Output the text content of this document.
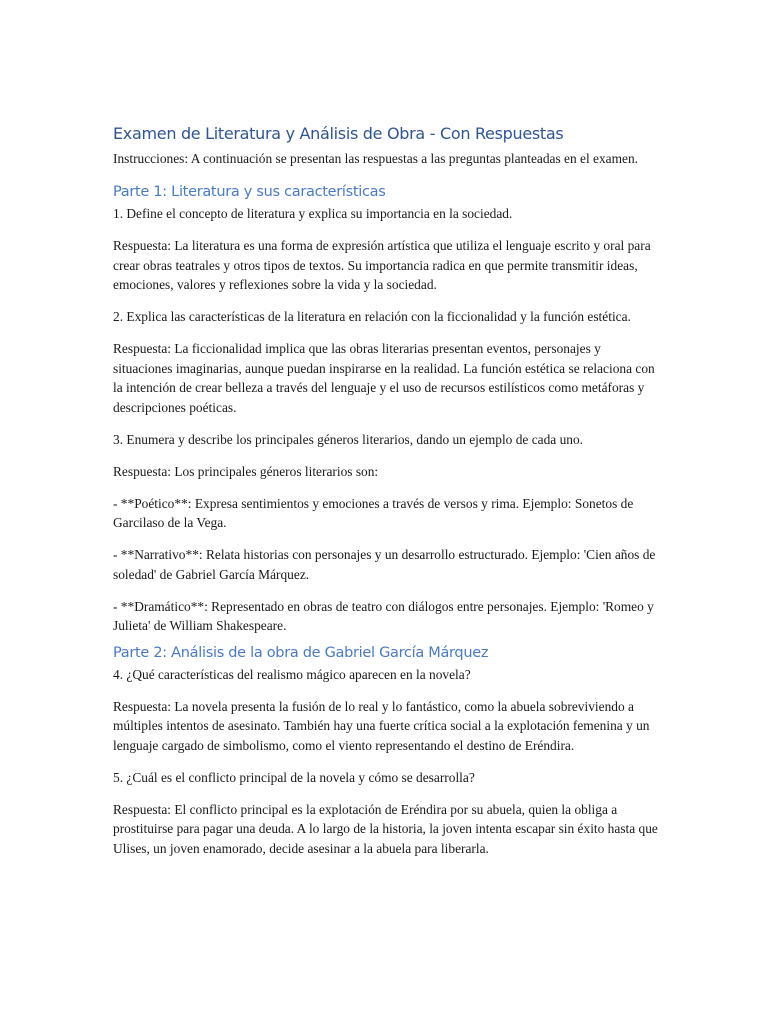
Examen de Literatura y Análisis de Obra - Con Respuestas

Instrucciones: A continuación se presentan las respuestas a las preguntas planteadas en el examen.

Parte 1: Literatura y sus características

1. Define el concepto de literatura y explica su importancia en la sociedad.

Respuesta: La literatura es una forma de expresión artística que utiliza el lenguaje escrito y oral para crear obras teatrales y otros tipos de textos. Su importancia radica en que permite transmitir ideas, emociones, valores y reflexiones sobre la vida y la sociedad.

2. Explica las características de la literatura en relación con la ficcionalidad y la función estética.

Respuesta: La ficcionalidad implica que las obras literarias presentan eventos, personajes y situaciones imaginarias, aunque puedan inspirarse en la realidad. La función estética se relaciona con la intención de crear belleza a través del lenguaje y el uso de recursos estilísticos como metáforas y descripciones poéticas.

3. Enumera y describe los principales géneros literarios, dando un ejemplo de cada uno.

Respuesta: Los principales géneros literarios son:

- **Poético**: Expresa sentimientos y emociones a través de versos y rima. Ejemplo: Sonetos de Garcilaso de la Vega.

- **Narrativo**: Relata historias con personajes y un desarrollo estructurado. Ejemplo: 'Cien años de soledad' de Gabriel García Márquez.

- **Dramático**: Representado en obras de teatro con diálogos entre personajes. Ejemplo: 'Romeo y Julieta' de William Shakespeare.

Parte 2: Análisis de la obra de Gabriel García Márquez

4. ¿Qué características del realismo mágico aparecen en la novela?

Respuesta: La novela presenta la fusión de lo real y lo fantástico, como la abuela sobreviviendo a múltiples intentos de asesinato. También hay una fuerte crítica social a la explotación femenina y un lenguaje cargado de simbolismo, como el viento representando el destino de Eréndira.

5. ¿Cuál es el conflicto principal de la novela y cómo se desarrolla?

Respuesta: El conflicto principal es la explotación de Eréndira por su abuela, quien la obliga a prostituirse para pagar una deuda. A lo largo de la historia, la joven intenta escapar sin éxito hasta que Ulises, un joven enamorado, decide asesinar a la abuela para liberarla.
